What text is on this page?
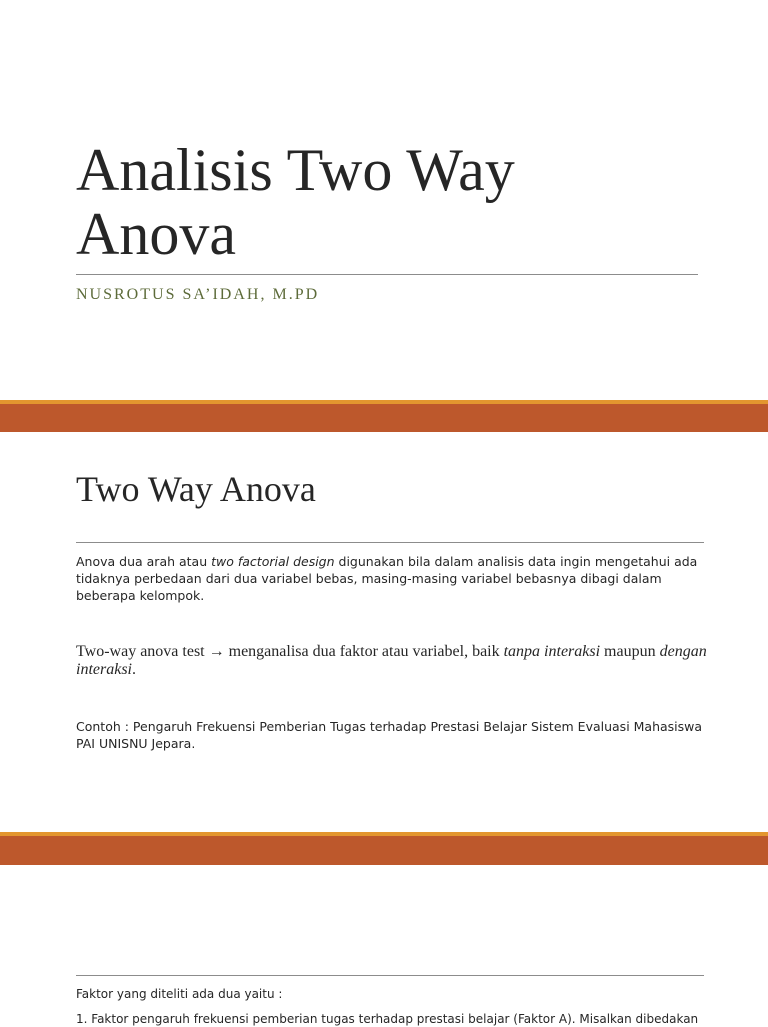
Analisis Two Way
Anova
NUSROTUS SA’IDAH, M.PD
Two Way Anova

Anova dua arah atau two factorial design digunakan bila dalam analisis data ingin mengetahui ada tidaknya perbedaan dari dua variabel bebas, masing-masing variabel bebasnya dibagi dalam beberapa kelompok.

Two-way anova test → menganalisa dua faktor atau variabel, baik tanpa interaksi maupun dengan interaksi.

Contoh : Pengaruh Frekuensi Pemberian Tugas terhadap Prestasi Belajar Sistem Evaluasi Mahasiswa PAI UNISNU Jepara.

Faktor yang diteliti ada dua yaitu :

1. Faktor pengaruh frekuensi pemberian tugas terhadap prestasi belajar (Faktor A). Misalkan dibedakan
